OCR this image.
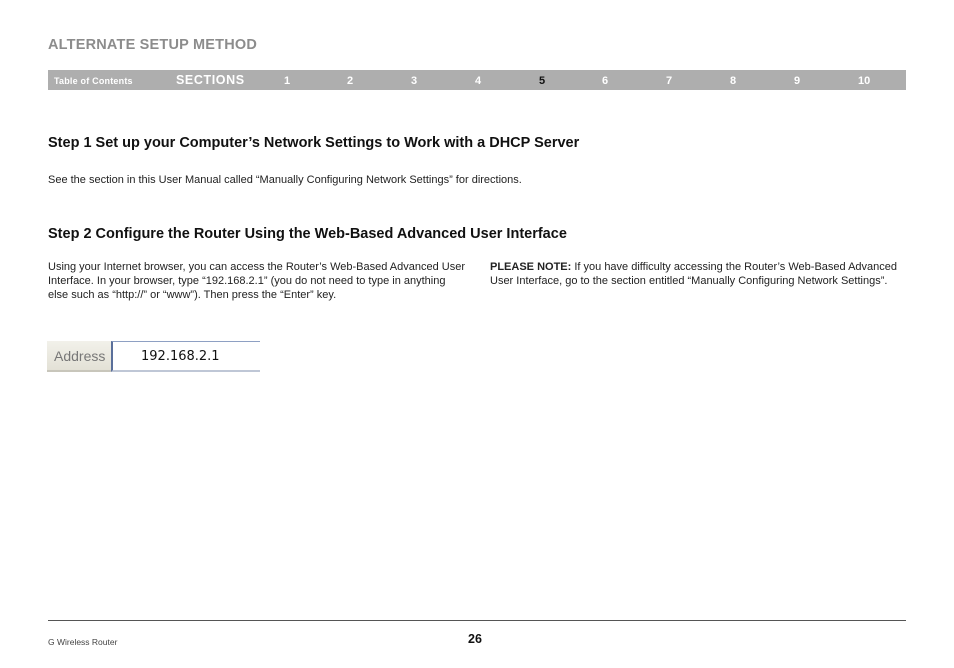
ALTERNATE SETUP METHOD
Table of Contents	SECTIONS	1	2	3	4	5	6	7	8	9	10
Step 1 Set up your Computer’s Network Settings to Work with a DHCP Server

See the section in this User Manual called “Manually Configuring Network Settings” for directions.

Step 2 Configure the Router Using the Web-Based Advanced User Interface

Using your Internet browser, you can access the Router’s Web-Based Advanced User Interface. In your browser, type “192.168.2.1” (you do not need to type in anything else such as “http://” or “www”). Then press the “Enter” key.

PLEASE NOTE: If you have difficulty accessing the Router’s Web-Based Advanced User Interface, go to the section entitled “Manually Configuring Network Settings”.

Address	192.168.2.1
G Wireless Router	26
